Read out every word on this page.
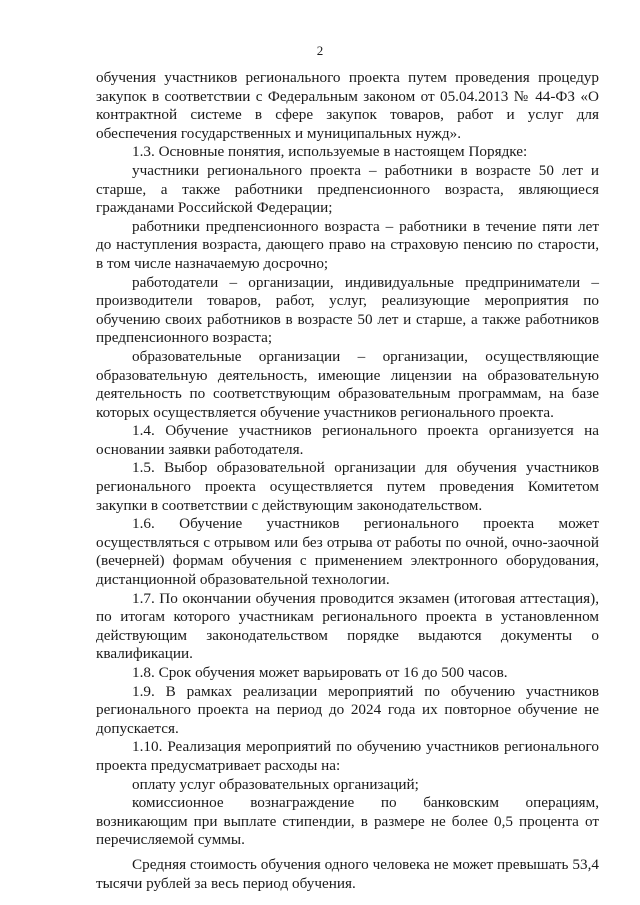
2

обучения участников регионального проекта путем проведения процедур закупок в соответствии с Федеральным законом от 05.04.2013 № 44-ФЗ «О контрактной системе в сфере закупок товаров, работ и услуг для обеспечения государственных и муниципальных нужд».

1.3. Основные понятия, используемые в настоящем Порядке:

участники регионального проекта – работники в возрасте 50 лет и старше, а также работники предпенсионного возраста, являющиеся гражданами Российской Федерации;

работники предпенсионного возраста – работники в течение пяти лет до наступления возраста, дающего право на страховую пенсию по старости, в том числе назначаемую досрочно;

работодатели – организации, индивидуальные предприниматели – производители товаров, работ, услуг, реализующие мероприятия по обучению своих работников в возрасте 50 лет и старше, а также работников предпенсионного возраста;

образовательные организации – организации, осуществляющие образовательную деятельность, имеющие лицензии на образовательную деятельность по соответствующим образовательным программам, на базе которых осуществляется обучение участников регионального проекта.

1.4. Обучение участников регионального проекта организуется на основании заявки работодателя.

1.5. Выбор образовательной организации для обучения участников регионального проекта осуществляется путем проведения Комитетом закупки в соответствии с действующим законодательством.

1.6. Обучение участников регионального проекта может осуществляться с отрывом или без отрыва от работы по очной, очно-заочной (вечерней) формам обучения с применением электронного оборудования, дистанционной образовательной технологии.

1.7. По окончании обучения проводится экзамен (итоговая аттестация), по итогам которого участникам регионального проекта в установленном действующим законодательством порядке выдаются документы о квалификации.

1.8. Срок обучения может варьировать от 16 до 500 часов.

1.9. В рамках реализации мероприятий по обучению участников регионального проекта на период до 2024 года их повторное обучение не допускается.

1.10. Реализация мероприятий по обучению участников регионального проекта предусматривает расходы на:

оплату услуг образовательных организаций;

комиссионное вознаграждение по банковским операциям, возникающим при выплате стипендии, в размере не более 0,5 процента от перечисляемой суммы.

Средняя стоимость обучения одного человека не может превышать 53,4 тысячи рублей за весь период обучения.
